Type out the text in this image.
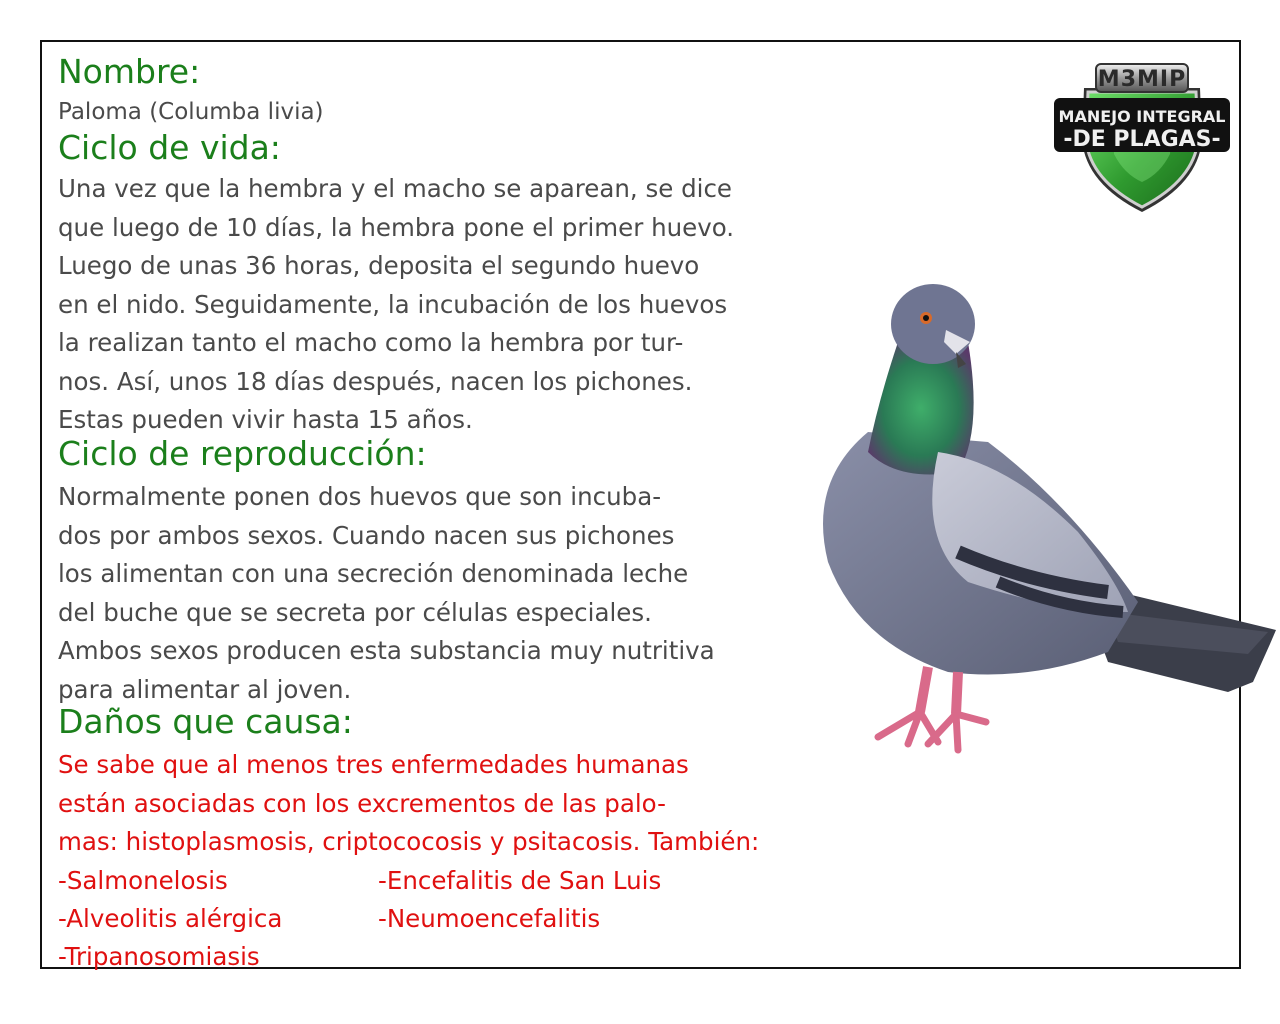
M3MIP
MANEJO INTEGRAL
-DE PLAGAS-
Nombre:
Paloma (Columba livia)
Ciclo de vida:
Una vez que la hembra y el macho se aparean, se dice
que luego de 10 días, la hembra pone el primer huevo.
Luego de unas 36 horas, deposita el segundo huevo
en el nido. Seguidamente, la incubación de los huevos
la realizan tanto el macho como la hembra por tur-
nos. Así, unos 18 días después, nacen los pichones.
Estas pueden vivir hasta 15 años.
Ciclo de reproducción:
Normalmente ponen dos huevos que son incuba-
dos por ambos sexos. Cuando nacen sus pichones
los alimentan con una secreción denominada leche
del buche que se secreta por células especiales.
Ambos sexos producen esta substancia muy nutritiva
para alimentar al joven.
Daños que causa:
Se sabe que al menos tres enfermedades humanas
están asociadas con los excrementos de las palo-
mas: histoplasmosis, criptococosis y psitacosis. También:
-Salmonelosis	-Encefalitis de San Luis
-Alveolitis alérgica	-Neumoencefalitis
-Tripanosomiasis
